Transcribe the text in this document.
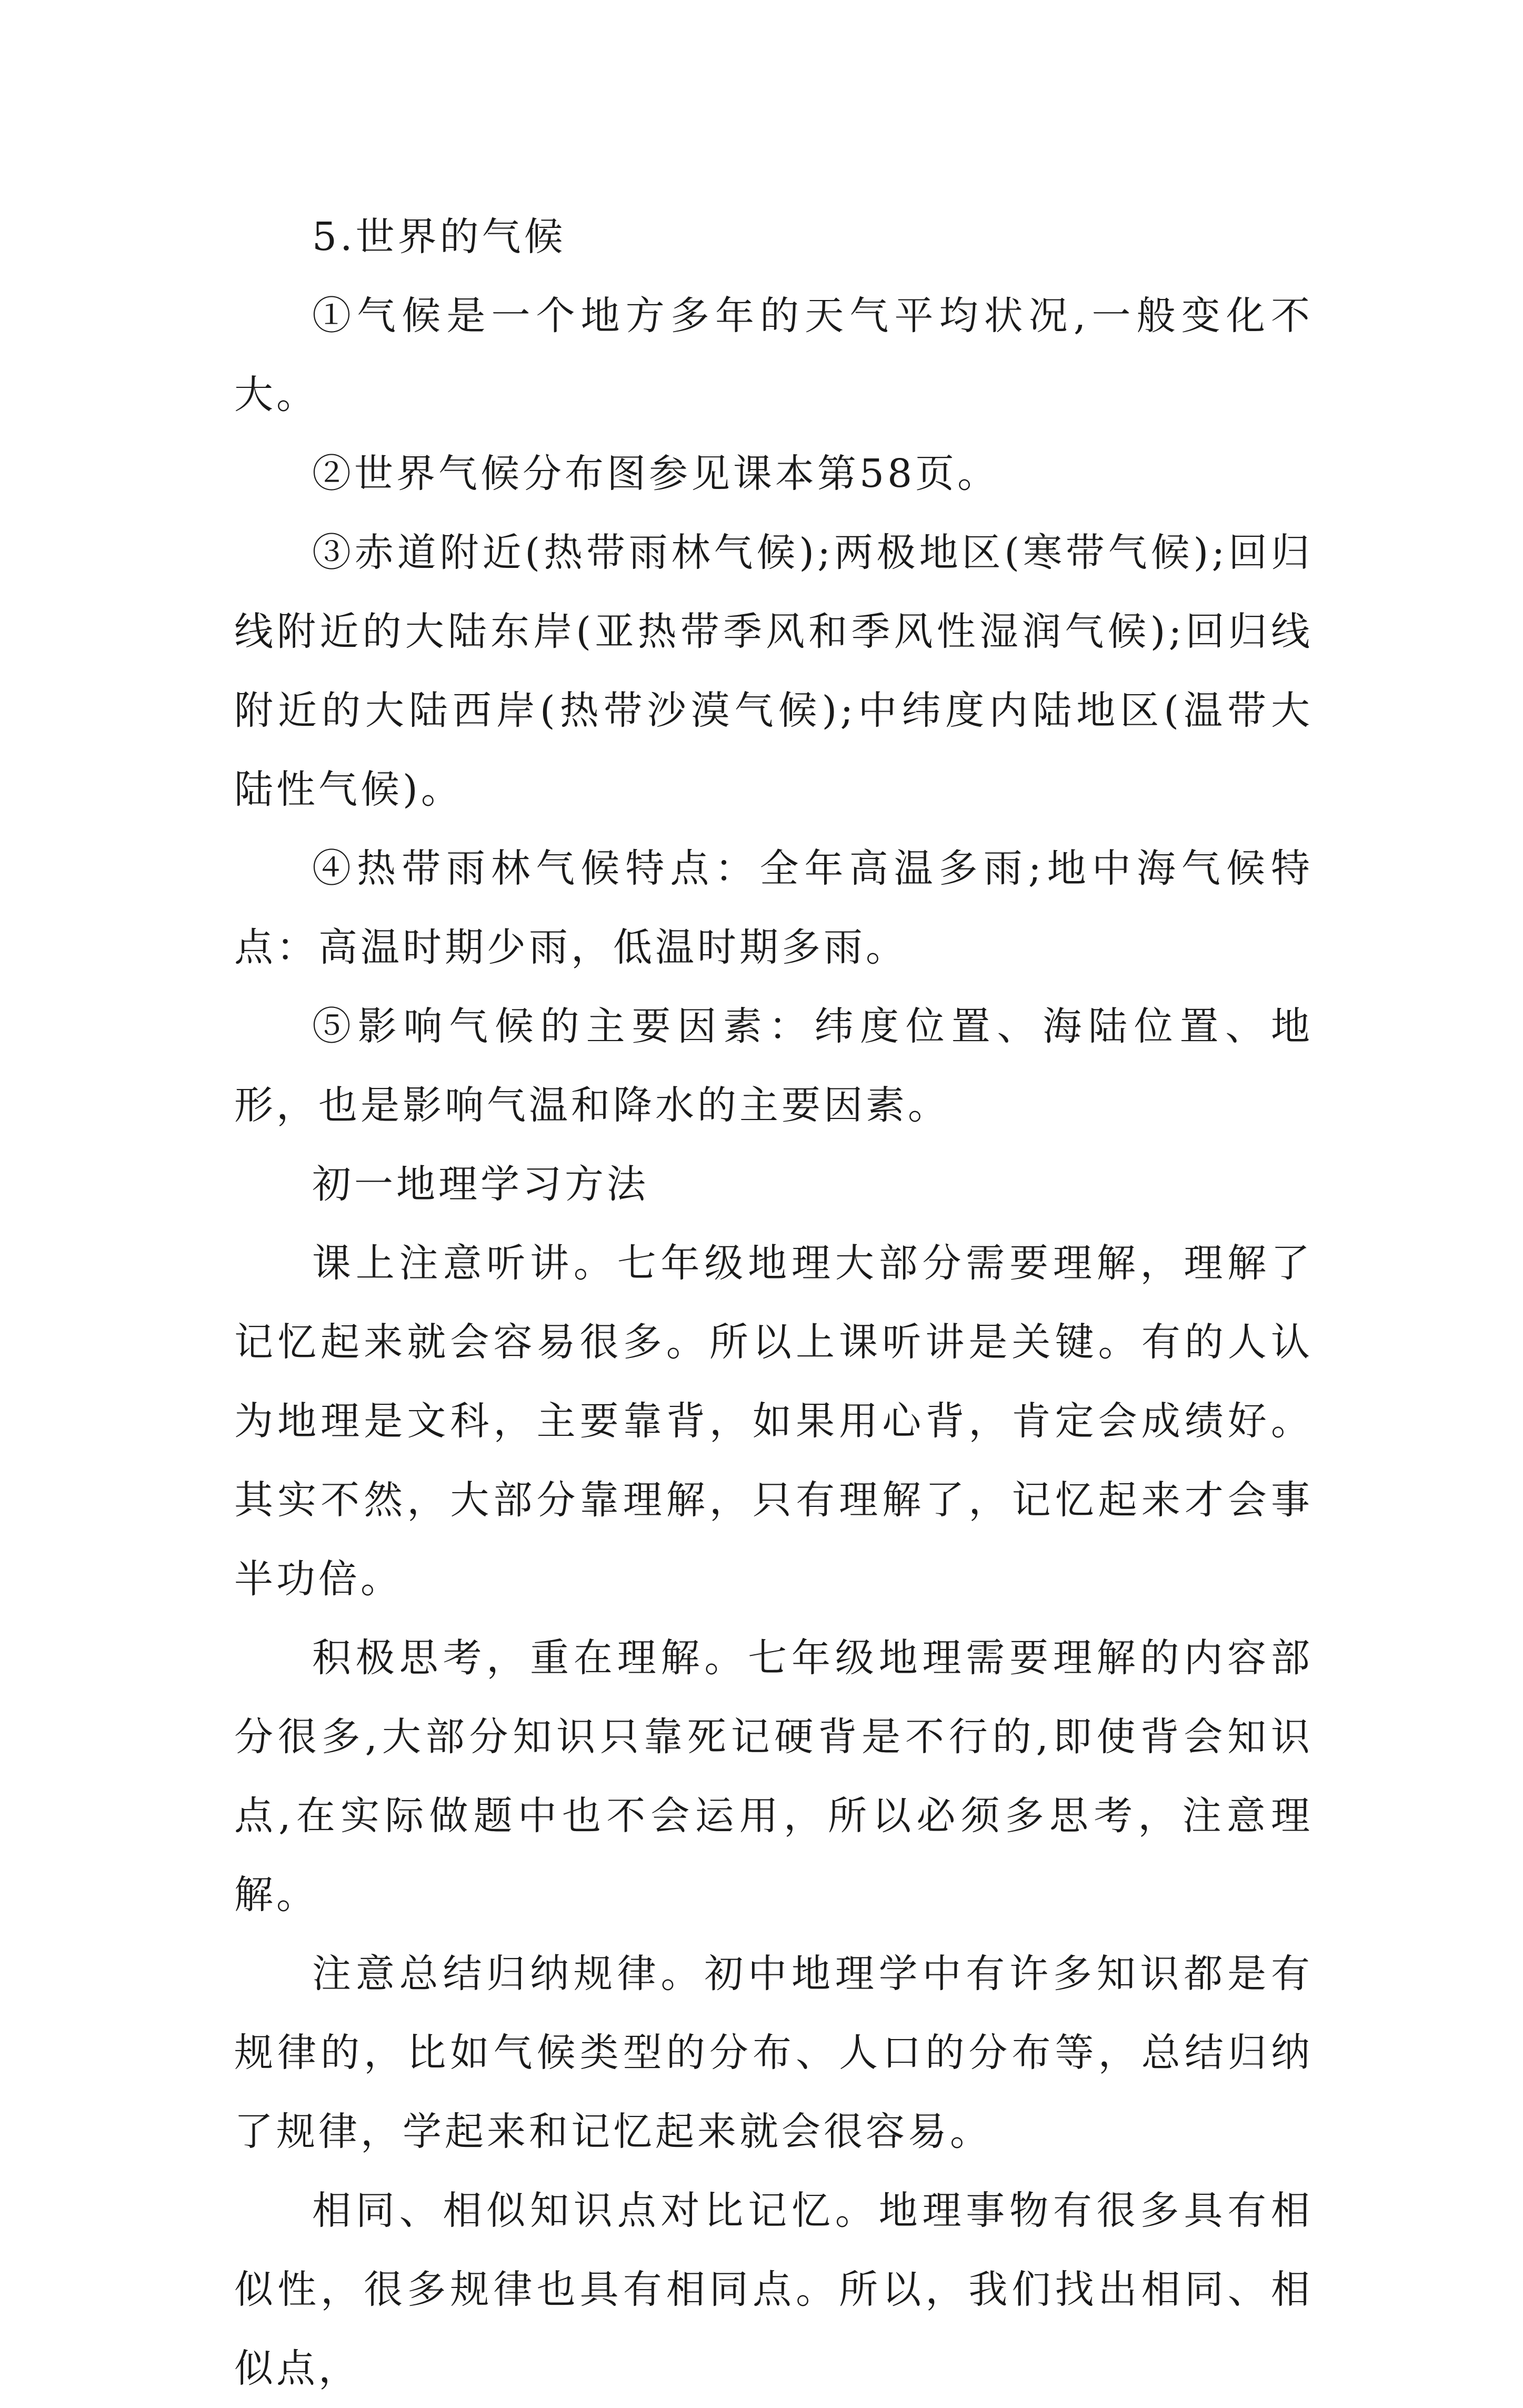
5.世界的气候

①气候是一个地方多年的天气平均状况,一般变化不大。

②世界气候分布图参见课本第58页。

③赤道附近(热带雨林气候);两极地区(寒带气候);回归线附近的大陆东岸(亚热带季风和季风性湿润气候);回归线附近的大陆西岸(热带沙漠气候);中纬度内陆地区(温带大陆性气候)。

④热带雨林气候特点：全年高温多雨;地中海气候特点：高温时期少雨，低温时期多雨。

⑤影响气候的主要因素：纬度位置、海陆位置、地形，也是影响气温和降水的主要因素。

初一地理学习方法

课上注意听讲。七年级地理大部分需要理解，理解了记忆起来就会容易很多。所以上课听讲是关键。有的人认为地理是文科，主要靠背，如果用心背，肯定会成绩好。其实不然，大部分靠理解，只有理解了，记忆起来才会事半功倍。

积极思考，重在理解。七年级地理需要理解的内容部分很多,大部分知识只靠死记硬背是不行的,即使背会知识点,在实际做题中也不会运用，所以必须多思考，注意理解。

注意总结归纳规律。初中地理学中有许多知识都是有规律的，比如气候类型的分布、人口的分布等，总结归纳了规律，学起来和记忆起来就会很容易。

相同、相似知识点对比记忆。地理事物有很多具有相似性，很多规律也具有相同点。所以，我们找出相同、相似点，
